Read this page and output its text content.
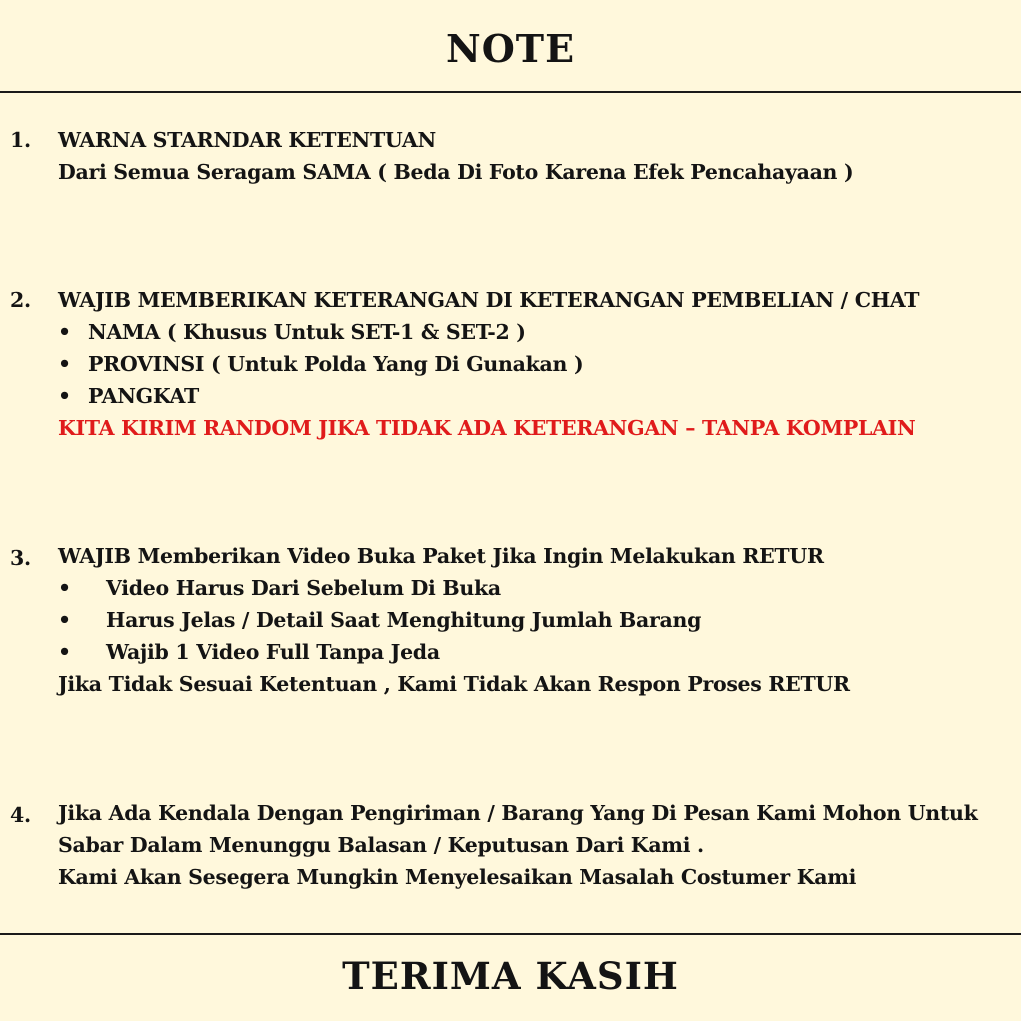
NOTE
1.	WARNA STARNDAR KETENTUAN
Dari Semua Seragam SAMA ( Beda Di Foto Karena Efek Pencahayaan )
2.	WAJIB MEMBERIKAN KETERANGAN DI KETERANGAN PEMBELIAN / CHAT
• NAMA ( Khusus Untuk SET-1 & SET-2 )
• PROVINSI ( Untuk Polda Yang Di Gunakan )
• PANGKAT
KITA KIRIM RANDOM JIKA TIDAK ADA KETERANGAN – TANPA KOMPLAIN
3.	WAJIB Memberikan Video Buka Paket Jika Ingin Melakukan RETUR
• Video Harus Dari Sebelum Di Buka
• Harus Jelas / Detail Saat Menghitung Jumlah Barang
• Wajib 1 Video Full Tanpa Jeda
Jika Tidak Sesuai Ketentuan , Kami Tidak Akan Respon Proses RETUR
4.	Jika Ada Kendala Dengan Pengiriman / Barang Yang Di Pesan Kami Mohon Untuk
Sabar Dalam Menunggu Balasan / Keputusan Dari Kami .
Kami Akan Sesegera Mungkin Menyelesaikan Masalah Costumer Kami
TERIMA KASIH
